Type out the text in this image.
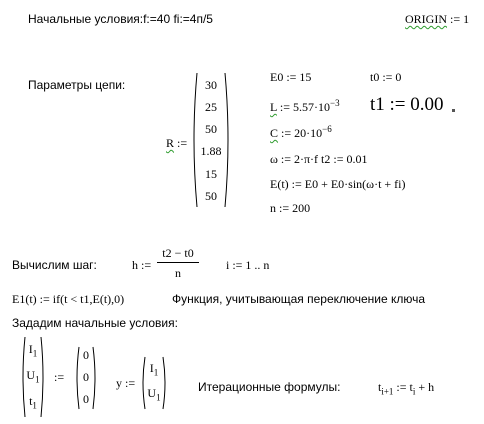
Начальные условия:f:=40 fi:=4п/5	ORIGIN := 1
Параметры цепи:
R :=
30
25
50
1.88
15
50
E0 := 15	t0 := 0
t1 := 0.00
L := $5.57\cdot 10^{-3}$
C := $20\cdot 10^{-6}$
ω := 2·π·f t2 := 0.01
E(t) := E0 + E0·sin(ω·t + fi)
n := 200
Вычислим шаг:	h :=
t2 − t0
n
i := 1 .. n
E1(t) := if(t < t1,E(t),0)	Функция, учитывающая переключение ключа
Зададим начальные условия:
$I_1$
$U_1$
$t_1$
:=
0
0
0
y :=
$I_1$
$U_1$
Итерационные формулы:	$t_{i+1}$ := $t_i + h$
